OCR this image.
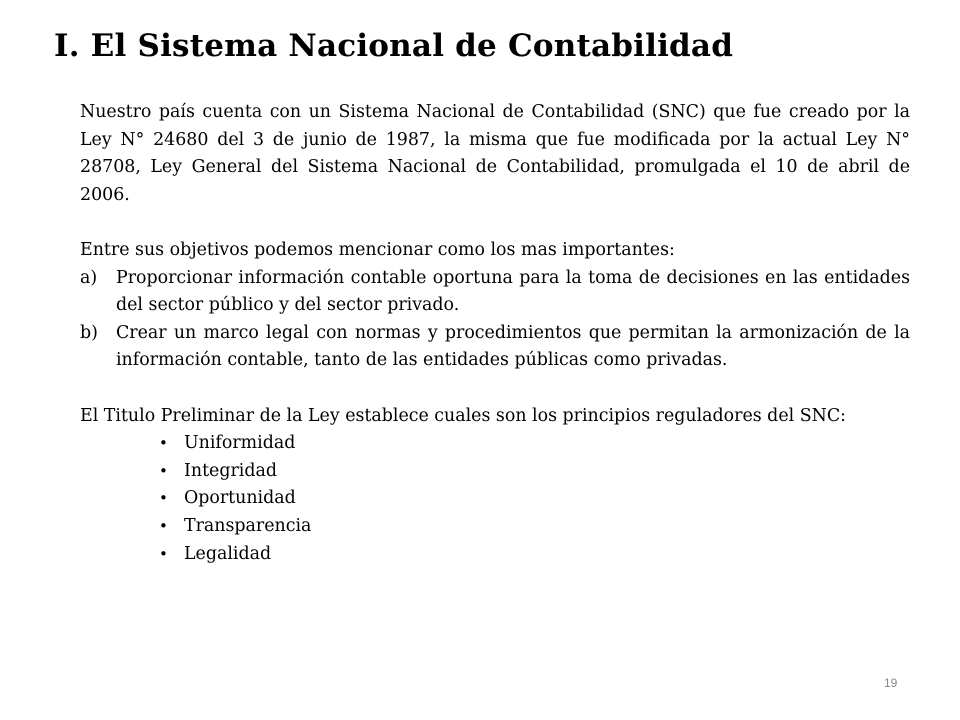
I. El Sistema Nacional de Contabilidad

Nuestro país cuenta con un Sistema Nacional de Contabilidad (SNC) que fue creado por la Ley N° 24680 del 3 de junio de 1987, la misma que fue modificada por la actual Ley N° 28708, Ley General del Sistema Nacional de Contabilidad, promulgada el 10 de abril de 2006.

Entre sus objetivos podemos mencionar como los mas importantes:
a) Proporcionar información contable oportuna para la toma de decisiones en las entidades del sector público y del sector privado.
b) Crear un marco legal con normas y procedimientos que permitan la armonización de la información contable, tanto de las entidades públicas como privadas.

El Titulo Preliminar de la Ley establece cuales son los principios reguladores del SNC:

• Uniformidad
• Integridad
• Oportunidad
• Transparencia
• Legalidad
19
